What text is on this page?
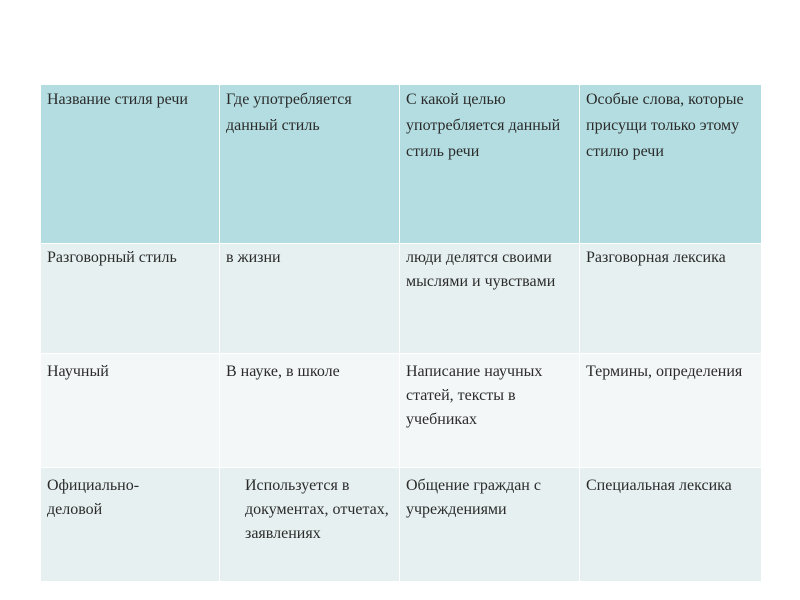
Название стиля речи	Где употребляется данный стиль	С какой целью употребляется данный стиль речи	Особые слова, которые присущи только этому стилю речи

Разговорный стиль	в жизни	люди делятся своими мыслями и чувствами	Разговорная лексика

Научный	В науке, в школе	Написание научных статей, тексты в учебниках	Термины, определения

Официально-
деловой	Используется в документах, отчетах, заявлениях	Общение граждан с учреждениями	Специальная лексика
